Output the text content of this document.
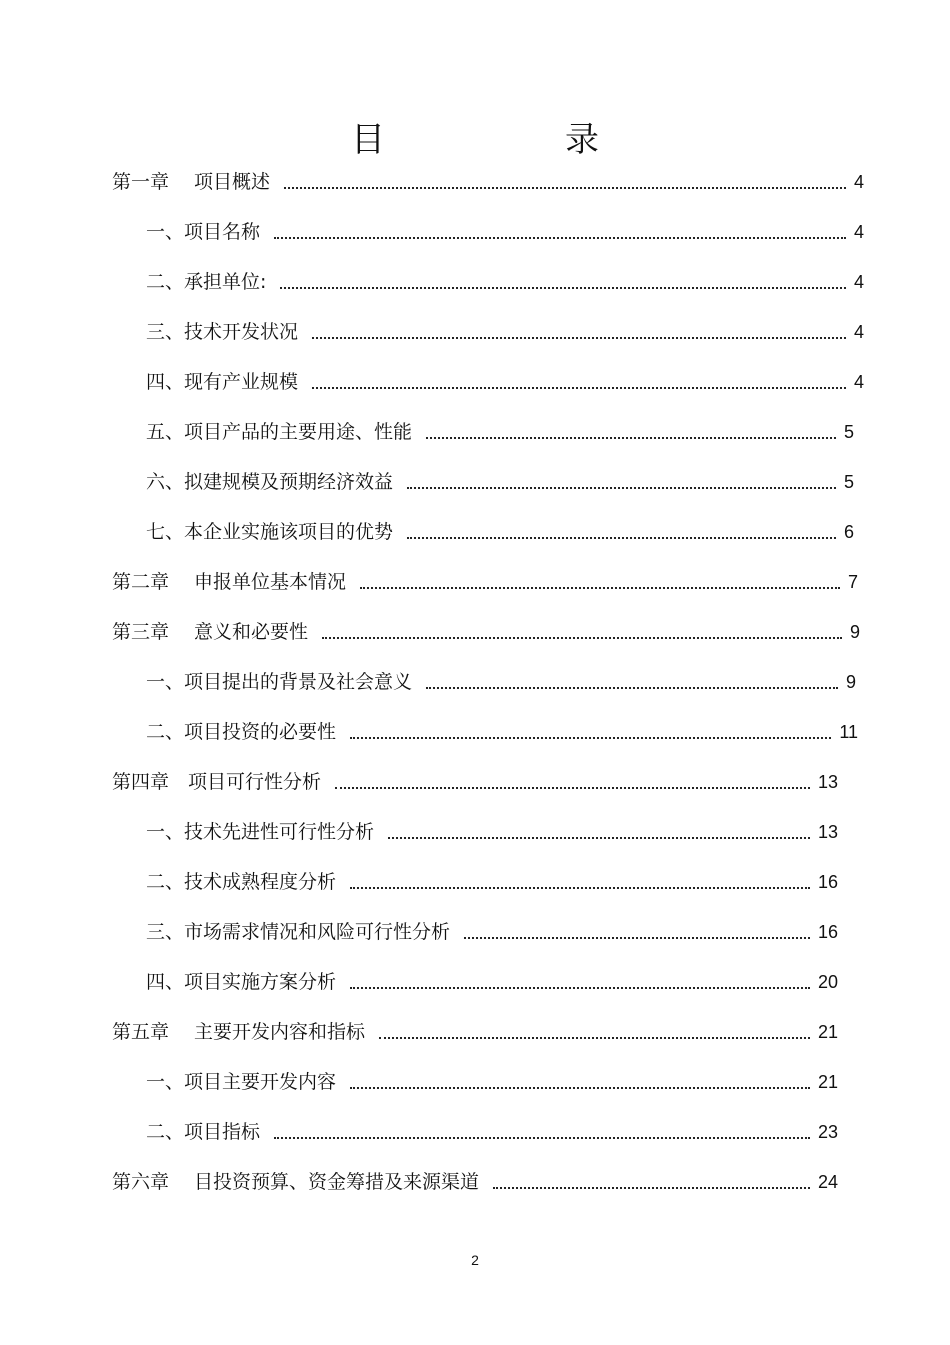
目	录
第一章　 项目概述	4
一、项目名称	4
二、承担单位:	4
三、技术开发状况	4
四、现有产业规模	4
五、项目产品的主要用途、性能	5
六、拟建规模及预期经济效益	5
七、本企业实施该项目的优势	6
第二章　 申报单位基本情况	7
第三章　 意义和必要性	9
一、项目提出的背景及社会意义	9
二、项目投资的必要性	11
第四章　项目可行性分析	13
一、技术先进性可行性分析	13
二、技术成熟程度分析	16
三、市场需求情况和风险可行性分析	16
四、项目实施方案分析	20
第五章　 主要开发内容和指标	21
一、项目主要开发内容	21
二、项目指标	23
第六章　 目投资预算、资金筹措及来源渠道	24
2
